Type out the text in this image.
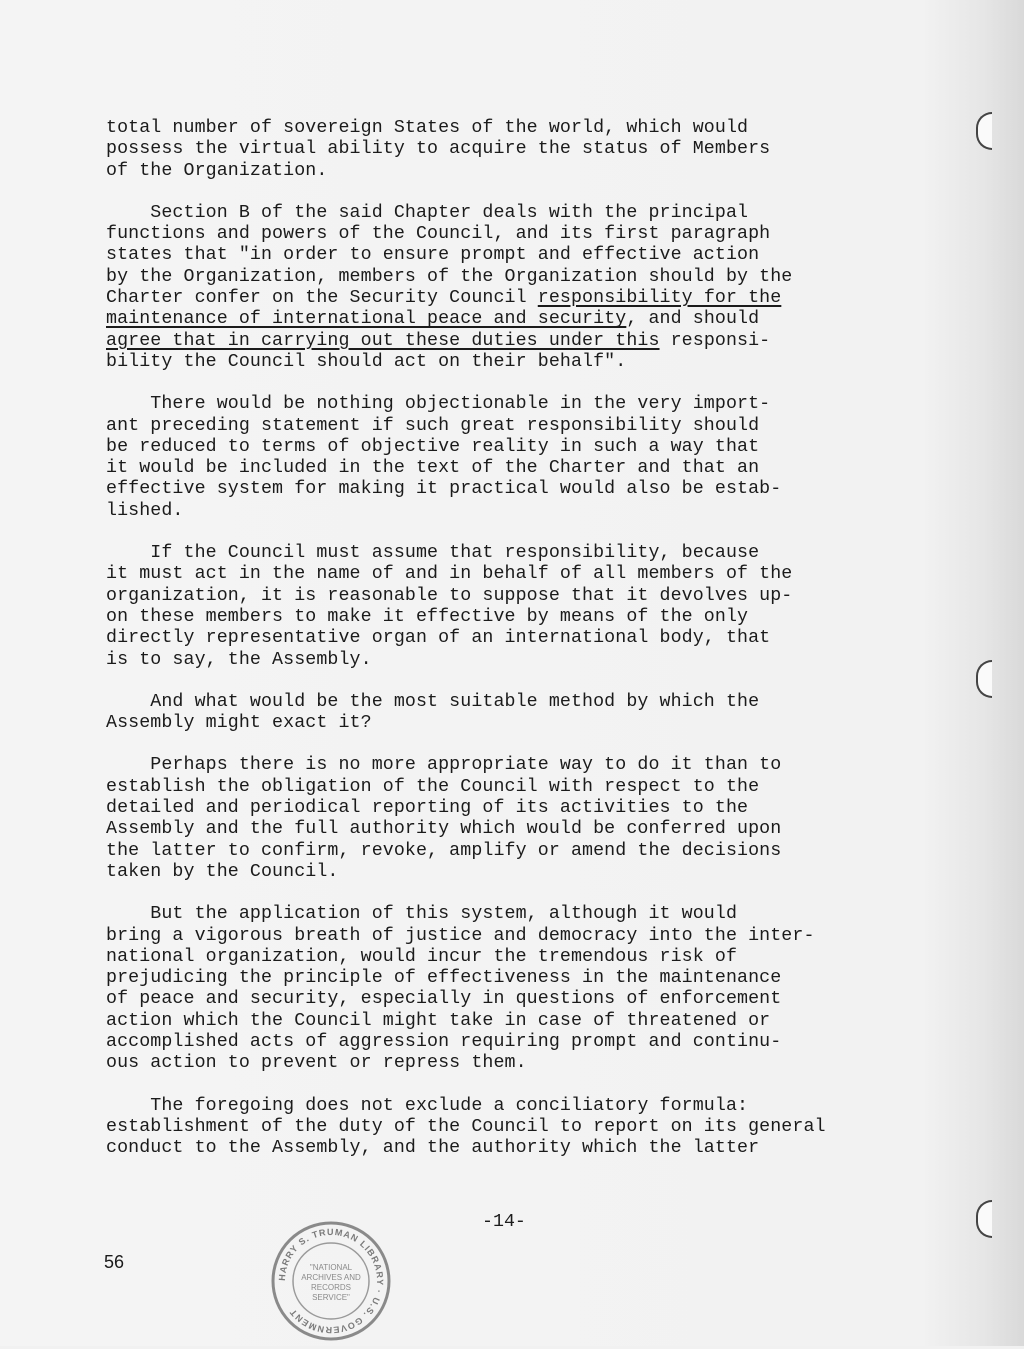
total number of sovereign States of the world, which would
possess the virtual ability to acquire the status of Members
of the Organization.
Section B of the said Chapter deals with the principal
functions and powers of the Council, and its first paragraph
states that "in order to ensure prompt and effective action
by the Organization, members of the Organization should by the
Charter confer on the Security Council responsibility for the
maintenance of international peace and security, and should
agree that in carrying out these duties under this responsi-
bility the Council should act on their behalf".
There would be nothing objectionable in the very import-
ant preceding statement if such great responsibility should
be reduced to terms of objective reality in such a way that
it would be included in the text of the Charter and that an
effective system for making it practical would also be estab-
lished.
If the Council must assume that responsibility, because
it must act in the name of and in behalf of all members of the
organization, it is reasonable to suppose that it devolves up-
on these members to make it effective by means of the only
directly representative organ of an international body, that
is to say, the Assembly.
And what would be the most suitable method by which the
Assembly might exact it?
Perhaps there is no more appropriate way to do it than to
establish the obligation of the Council with respect to the
detailed and periodical reporting of its activities to the
Assembly and the full authority which would be conferred upon
the latter to confirm, revoke, amplify or amend the decisions
taken by the Council.
But the application of this system, although it would
bring a vigorous breath of justice and democracy into the inter-
national organization, would incur the tremendous risk of
prejudicing the principle of effectiveness in the maintenance
of peace and security, especially in questions of enforcement
action which the Council might take in case of threatened or
accomplished acts of aggression requiring prompt and continu-
ous action to prevent or repress them.
The foregoing does not exclude a conciliatory formula:
establishment of the duty of the Council to report on its general
conduct to the Assembly, and the authority which the latter
-14-
56
HARRY S. TRUMAN LIBRARY · U.S. GOVERNMENT
"NATIONAL
ARCHIVES AND
RECORDS
SERVICE"
